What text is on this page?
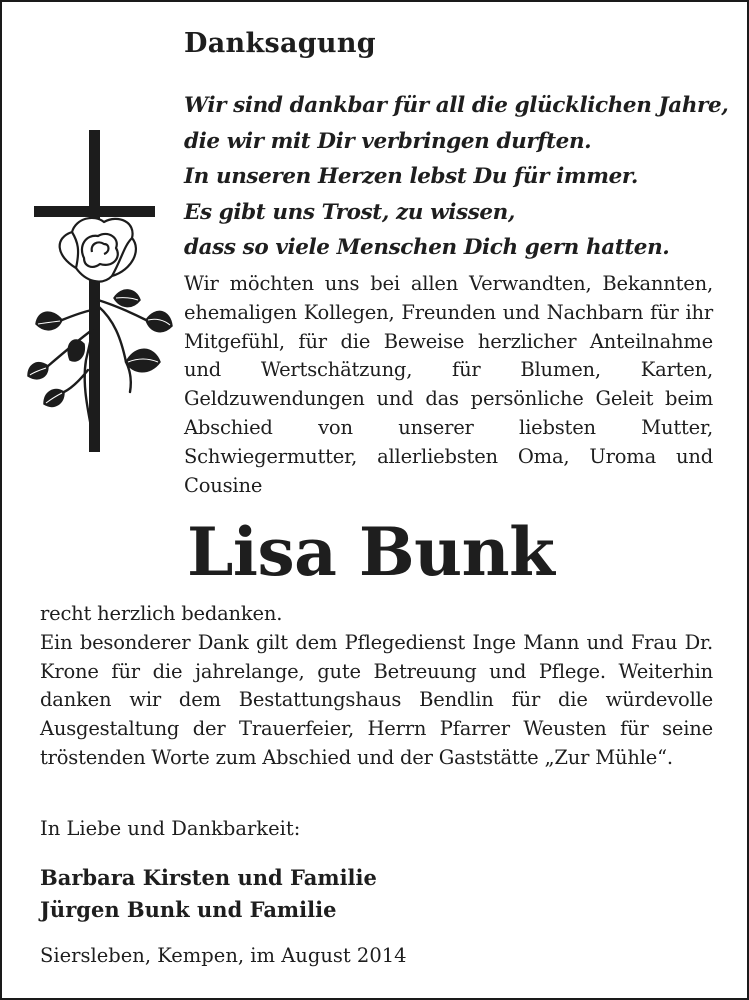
Danksagung
Wir sind dankbar für all die glücklichen Jahre,
die wir mit Dir verbringen durften.
In unseren Herzen lebst Du für immer.
Es gibt uns Trost, zu wissen,
dass so viele Menschen Dich gern hatten.
Wir möchten uns bei allen Verwandten, Bekannten, ehemaligen Kollegen, Freunden und Nachbarn für ihr Mitgefühl, für die Beweise herzlicher Anteilnahme und Wertschätzung, für Blumen, Karten, Geldzuwendungen und das persönliche Geleit beim Abschied von unserer liebsten Mutter, Schwiegermutter, allerliebsten Oma, Uroma und Cousine
Lisa Bunk

recht herzlich bedanken.

Ein besonderer Dank gilt dem Pflegedienst Inge Mann und Frau Dr. Krone für die jahrelange, gute Betreuung und Pflege. Weiterhin danken wir dem Bestattungshaus Bendlin für die würdevolle Ausgestaltung der Trauerfeier, Herrn Pfarrer Weusten für seine tröstenden Worte zum Abschied und der Gaststätte „Zur Mühle“.

In Liebe und Dankbarkeit:
Barbara Kirsten und Familie
Jürgen Bunk und Familie
Siersleben, Kempen, im August 2014
